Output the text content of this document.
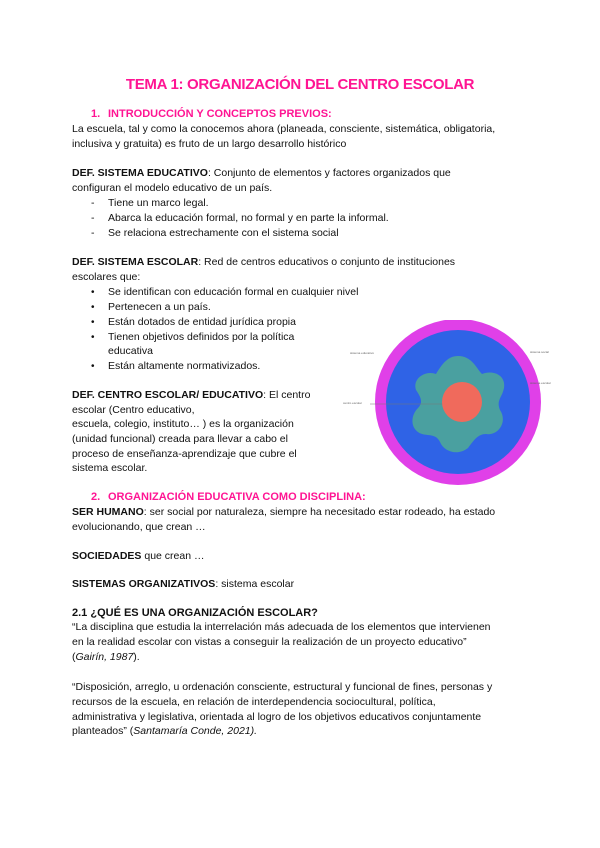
TEMA 1: ORGANIZACIÓN DEL CENTRO ESCOLAR
1. INTRODUCCIÓN Y CONCEPTOS PREVIOS:
La escuela, tal y como la conocemos ahora (planeada, consciente, sistemática, obligatoria,
inclusiva y gratuita) es fruto de un largo desarrollo histórico
DEF. SISTEMA EDUCATIVO: Conjunto de elementos y factores organizados que
configuran el modelo educativo de un país.
- Tiene un marco legal.
- Abarca la educación formal, no formal y en parte la informal.
- Se relaciona estrechamente con el sistema social
DEF. SISTEMA ESCOLAR: Red de centros educativos o conjunto de instituciones
escolares que:
• Se identifican con educación formal en cualquier nivel
• Pertenecen a un país.
• Están dotados de entidad jurídica propia
• Tienen objetivos definidos por la política
educativa
• Están altamente normativizados.
DEF. CENTRO ESCOLAR/ EDUCATIVO: El centro
escolar (Centro educativo,
escuela, colegio, instituto… ) es la organización
(unidad funcional) creada para llevar a cabo el
proceso de enseñanza-aprendizaje que cubre el
sistema escolar.
sistema educativo
centro escolar
sistema social
sistema escolar
2. ORGANIZACIÓN EDUCATIVA COMO DISCIPLINA:
SER HUMANO: ser social por naturaleza, siempre ha necesitado estar rodeado, ha estado
evolucionando, que crean …
SOCIEDADES que crean …
SISTEMAS ORGANIZATIVOS: sistema escolar
2.1 ¿QUÉ ES UNA ORGANIZACIÓN ESCOLAR?
“La disciplina que estudia la interrelación más adecuada de los elementos que intervienen
en la realidad escolar con vistas a conseguir la realización de un proyecto educativo”
(Gairín, 1987).
“Disposición, arreglo, u ordenación consciente, estructural y funcional de fines, personas y
recursos de la escuela, en relación de interdependencia sociocultural, política,
administrativa y legislativa, orientada al logro de los objetivos educativos conjuntamente
planteados” (Santamaría Conde, 2021).
